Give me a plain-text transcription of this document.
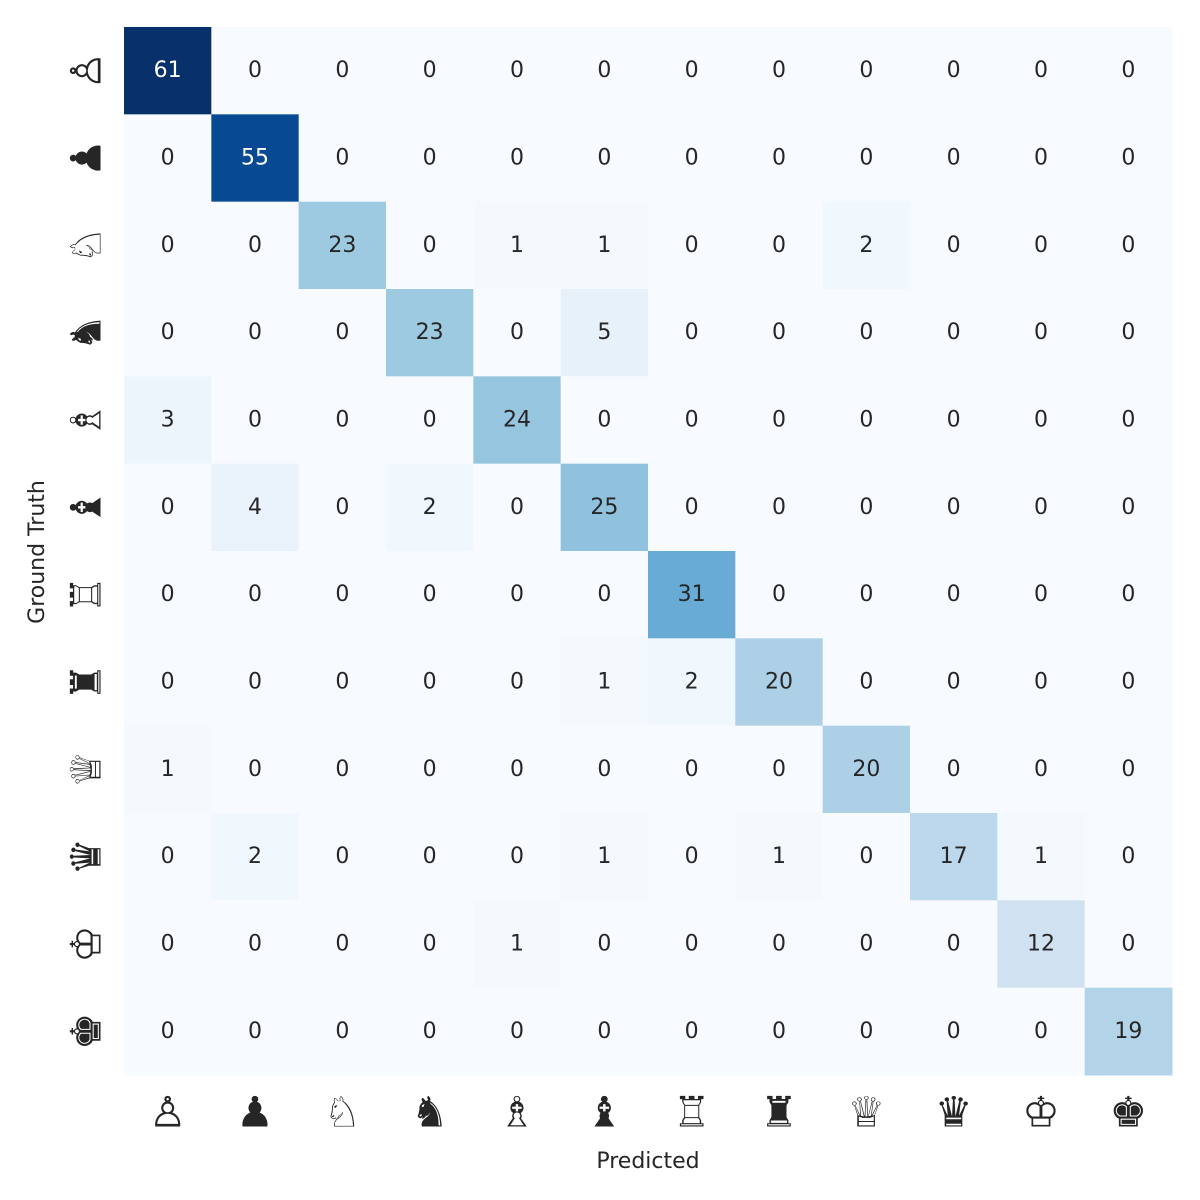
61	0	0	0	0	0	0	0	0	0	0	0
0	55	0	0	0	0	0	0	0	0	0	0
0	0	23	0	1	1	0	0	2	0	0	0
0	0	0	23	0	5	0	0	0	0	0	0
3	0	0	0	24	0	0	0	0	0	0	0
0	4	0	2	0	25	0	0	0	0	0	0
0	0	0	0	0	0	31	0	0	0	0	0
0	0	0	0	0	1	2	20	0	0	0	0
1	0	0	0	0	0	0	0	20	0	0	0
0	2	0	0	0	1	0	1	0	17	1	0
0	0	0	0	1	0	0	0	0	0	12	0
0	0	0	0	0	0	0	0	0	0	0	19
♙ ♟ ♘ ♞ ♗ ♝ ♖ ♜ ♕ ♛ ♔ ♚
♙
♟
♘
♞
♗
♝
♖
♜
♕
♛
♔
♚
Predicted
Ground Truth
